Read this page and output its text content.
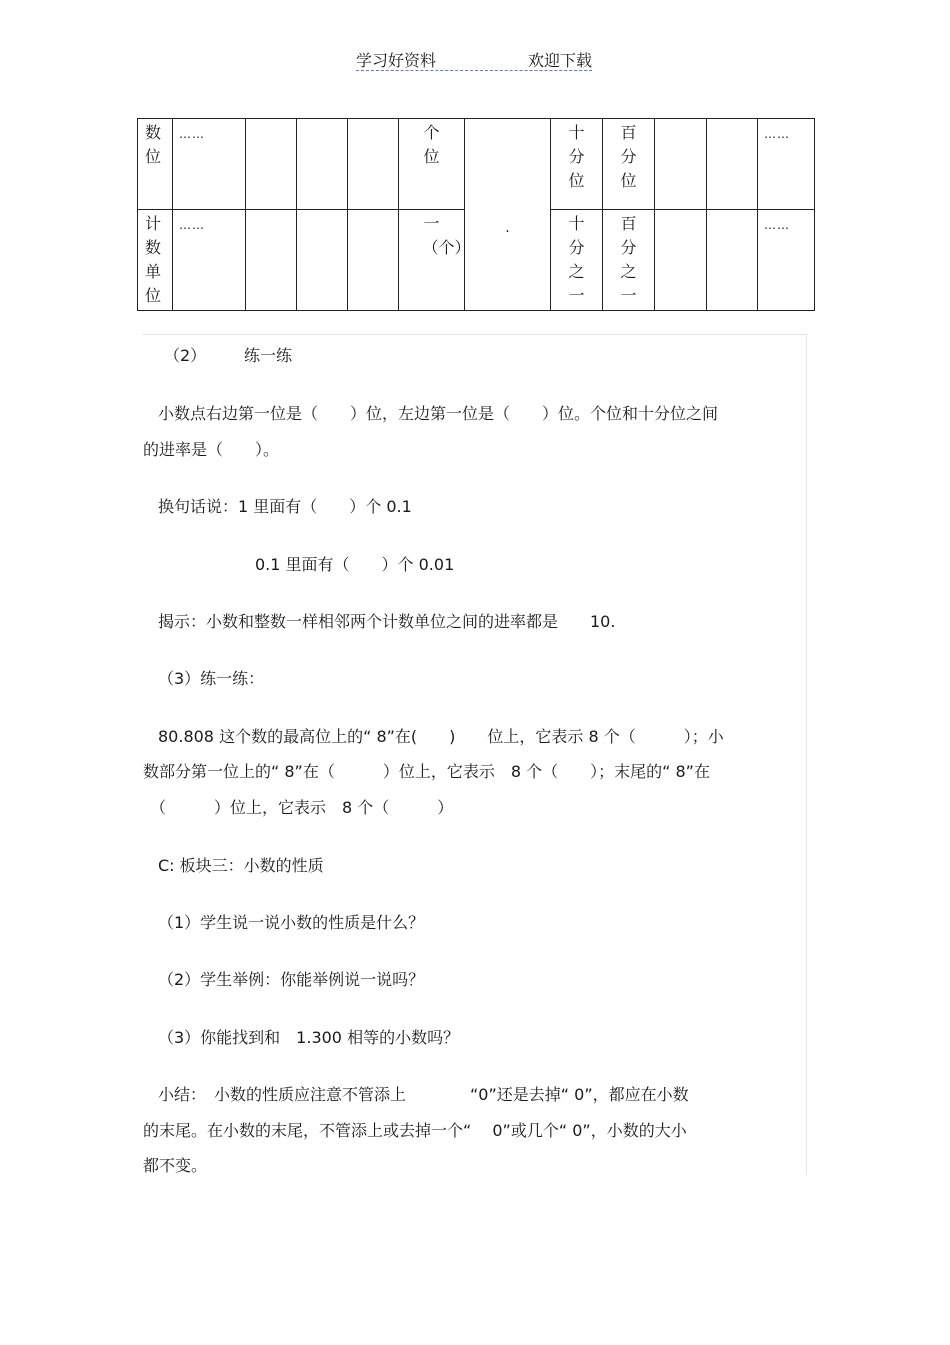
学习好资料	欢迎下载
数位	……				个位	.	十分位	百分位			……

计数单位	……				一（个）		十分之一	百分之一			……
（2） 练一练
小数点右边第一位是（　　）位，左边第一位是（　　）位。个位和十分位之间
的进率是（　　）。
换句话说：1 里面有（　　）个 0.1
0.1 里面有（　　）个 0.01
揭示：小数和整数一样相邻两个计数单位之间的进率都是　　10.
（3）练一练：
80.808 这个数的最高位上的“ 8”在(　　)　　位上，它表示 8 个（　　　）；小
数部分第一位上的“ 8”在（　　　）位上，它表示　8 个（　　）；末尾的“ 8”在
（　　　）位上，它表示　8 个（　　　）
C: 板块三：小数的性质
（1）学生说一说小数的性质是什么？
（2）学生举例：你能举例说一说吗？
（3）你能找到和　1.300 相等的小数吗？
小结：　小数的性质应注意不管添上　　　　“0”还是去掉“ 0”，都应在小数
的末尾。在小数的末尾，不管添上或去掉一个“　 0”或几个“ 0”，小数的大小
都不变。
